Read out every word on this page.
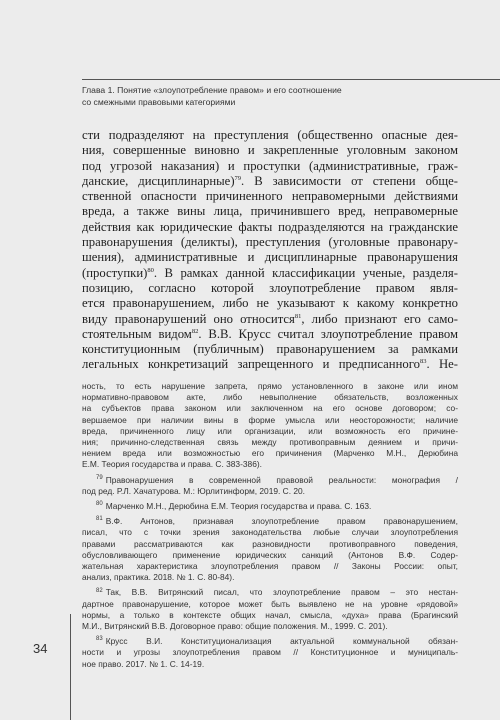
Глава 1. Понятие «злоупотребление правом» и его соотношение
со смежными правовыми категориями
сти подразделяют на преступления (общественно опасные дея-
ния, совершенные виновно и закрепленные уголовным законом
под угрозой наказания) и проступки (административные, граж-
данские, дисциплинарные)$^{79}$. В зависимости от степени обще-
ственной опасности причиненного неправомерными действиями
вреда, а также вины лица, причинившего вред, неправомерные
действия как юридические факты подразделяются на гражданские
правонарушения (деликты), преступления (уголовные правонару-
шения), административные и дисциплинарные правонарушения
(проступки)$^{80}$. В рамках данной классификации ученые, разделя-
позицию, согласно которой злоупотребление правом явля-
ется правонарушением, либо не указывают к какому конкретно
виду правонарушений оно относится$^{81}$, либо признают его само-
стоятельным видом$^{82}$. В.В. Крусс считал злоупотребление правом
конституционным (публичным) правонарушением за рамками
легальных конкретизаций запрещенного и предписанного$^{83}$. Не-
ность, то есть нарушение запрета, прямо установленного в законе или ином
нормативно-правовом акте, либо невыполнение обязательств, возложенных
на субъектов права законом или заключенном на его основе договором; со-
вершаемое при наличии вины в форме умысла или неосторожности; наличие
вреда, причиненного лицу или организации, или возможность его причине-
ния; причинно-следственная связь между противоправным деянием и причи-
нением вреда или возможностью его причинения (Марченко М.Н., Дерюбина
Е.М. Теория государства и права. С. 383-386).
$^{79}$ Правонарушения в современной правовой реальности: монография /
под ред. Р.Л. Хачатурова. М.: Юрлитинформ, 2019. С. 20.
$^{80}$ Марченко М.Н., Дерюбина Е.М. Теория государства и права. С. 163.
$^{81}$ В.Ф. Антонов, признавая злоупотребление правом правонарушением,
писал, что с точки зрения законодательства любые случаи злоупотребления
правами рассматриваются как разновидности противоправного поведения,
обусловливающего применение юридических санкций (Антонов В.Ф. Содер-
жательная характеристика злоупотребления правом // Законы России: опыт,
анализ, практика. 2018. № 1. С. 80-84).
$^{82}$ Так, В.В. Витрянский писал, что злоупотребление правом – это нестан-
дартное правонарушение, которое может быть выявлено не на уровне «рядовой»
нормы, а только в контексте общих начал, смысла, «духа» права (Брагинский
М.И., Витрянский В.В. Договорное право: общие положения. М., 1999. С. 201).
$^{83}$ Крусс В.И. Конституционализация актуальной коммунальной обязан-
ности и угрозы злоупотребления правом // Конституционное и муниципаль-
ное право. 2017. № 1. С. 14-19.
34
